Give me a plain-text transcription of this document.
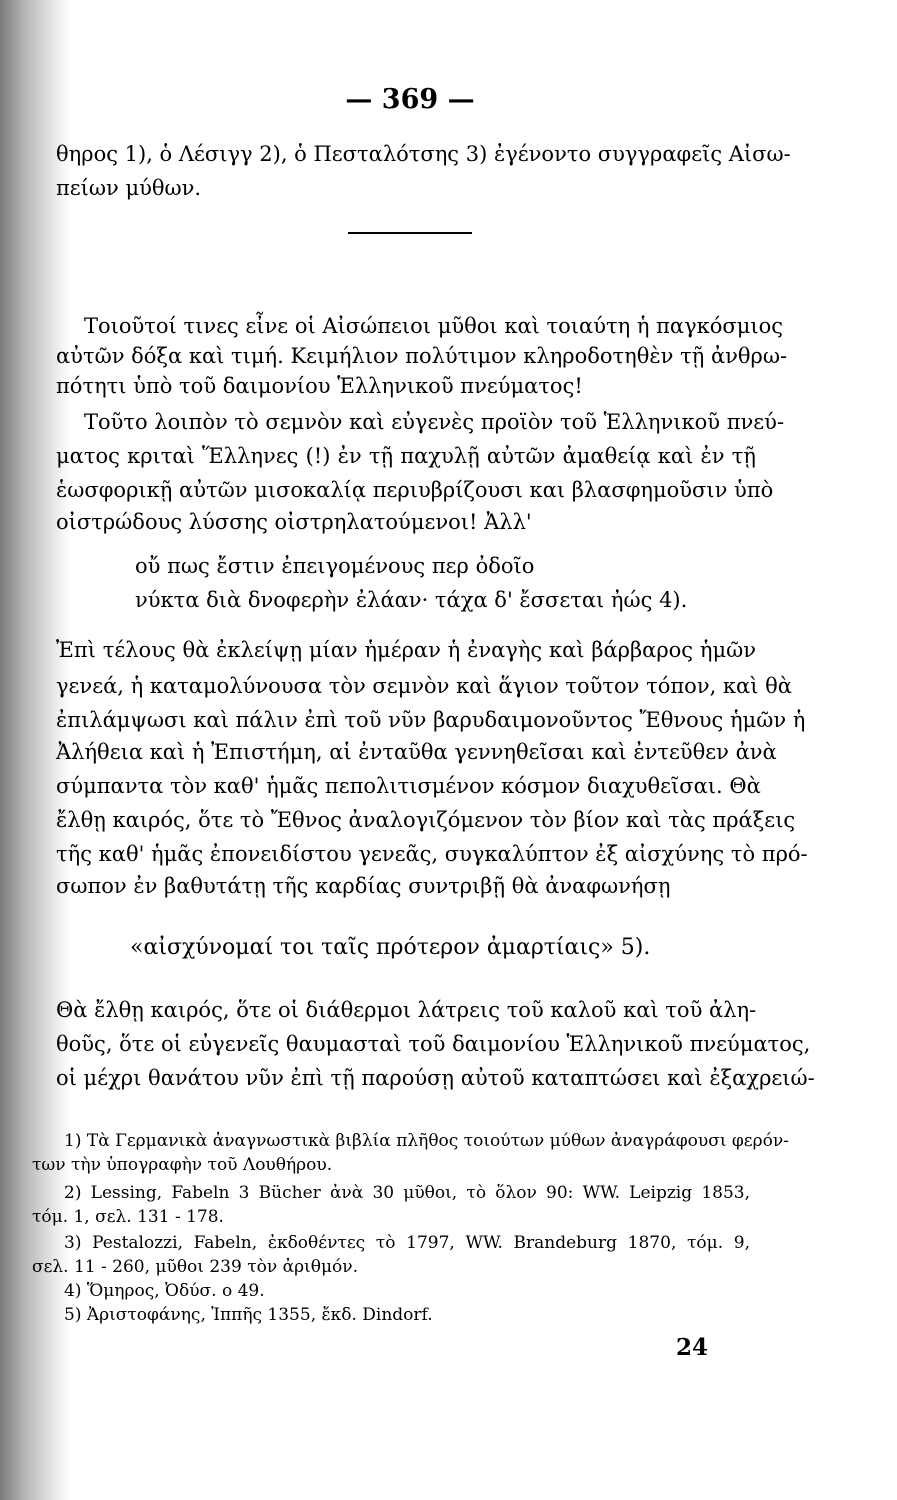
— 369 —
θηρος 1), ὁ Λέσιγγ 2), ὁ Πεσταλότσης 3) ἐγένοντο συγγραφεῖς Αἰσω-
πείων μύθων.
Τοιοῦτοί τινες εἶνε οἱ Αἰσώπειοι μῦθοι καὶ τοιαύτη ἡ παγκόσμιος
αὐτῶν δόξα καὶ τιμή. Κειμήλιον πολύτιμον κληροδοτηθὲν τῇ ἀνθρω-
πότητι ὑπὸ τοῦ δαιμονίου Ἑλληνικοῦ πνεύματος!
Τοῦτο λοιπὸν τὸ σεμνὸν καὶ εὐγενὲς προϊὸν τοῦ Ἑλληνικοῦ πνεύ-
ματος κριταὶ Ἕλληνες (!) ἐν τῇ παχυλῇ αὐτῶν ἀμαθείᾳ καὶ ἐν τῇ
ἑωσφορικῇ αὐτῶν μισοκαλίᾳ περιυβρίζουσι και βλασφημοῦσιν ὑπὸ
οἰστρώδους λύσσης οἰστρηλατούμενοι! Ἀλλ'
οὔ πως ἔστιν ἐπειγομένους περ ὀδοῖο
νύκτα διὰ δνοφερὴν ἐλάαν· τάχα δ' ἔσσεται ἠώς 4).
Ἐπὶ τέλους θὰ ἐκλείψῃ μίαν ἡμέραν ἡ ἐναγὴς καὶ βάρβαρος ἡμῶν
γενεά, ἡ καταμολύνουσα τὸν σεμνὸν καὶ ἅγιον τοῦτον τόπον, καὶ θὰ
ἐπιλάμψωσι καὶ πάλιν ἐπὶ τοῦ νῦν βαρυδαιμονοῦντος Ἔθνους ἡμῶν ἡ
Ἀλήθεια καὶ ἡ Ἐπιστήμη, αἱ ἐνταῦθα γεννηθεῖσαι καὶ ἐντεῦθεν ἀνὰ
σύμπαντα τὸν καθ' ἡμᾶς πεπολιτισμένον κόσμον διαχυθεῖσαι. Θὰ
ἔλθῃ καιρός, ὅτε τὸ Ἔθνος ἀναλογιζόμενον τὸν βίον καὶ τὰς πράξεις
τῆς καθ' ἡμᾶς ἐπονειδίστου γενεᾶς, συγκαλύπτον ἐξ αἰσχύνης τὸ πρό-
σωπον ἐν βαθυτάτῃ τῆς καρδίας συντριβῇ θὰ ἀναφωνήσῃ
«αἰσχύνομαί τοι ταῖς πρότερον ἀμαρτίαις» 5).
Θὰ ἔλθῃ καιρός, ὅτε οἱ διάθερμοι λάτρεις τοῦ καλοῦ καὶ τοῦ ἀλη-
θοῦς, ὅτε οἱ εὐγενεῖς θαυμασταὶ τοῦ δαιμονίου Ἑλληνικοῦ πνεύματος,
οἱ μέχρι θανάτου νῦν ἐπὶ τῇ παρούσῃ αὐτοῦ καταπτώσει καὶ ἐξαχρειώ-
1) Τὰ Γερμανικὰ ἀναγνωστικὰ βιβλία πλῆθος τοιούτων μύθων ἀναγράφουσι φερόν-
των τὴν ὑπογραφὴν τοῦ Λουθήρου.
2) Lessing, Fabeln 3 Bücher ἀνὰ 30 μῦθοι, τὸ ὅλον 90: WW. Leipzig 1853,
τόμ. 1, σελ. 131 - 178.
3) Pestalozzi, Fabeln, ἐκδοθέντες τὸ 1797, WW. Brandeburg 1870, τόμ. 9,
σελ. 11 - 260, μῦθοι 239 τὸν ἀριθμόν.
4) Ὅμηρος, Ὀδύσ. ο 49.
5) Ἀριστοφάνης, Ἱππῆς 1355, ἔκδ. Dindorf.
24
